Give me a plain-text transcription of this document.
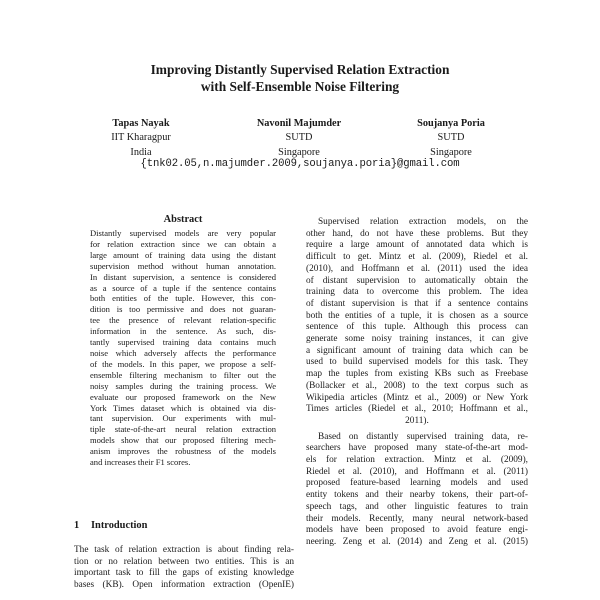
Improving Distantly Supervised Relation Extraction
with Self-Ensemble Noise Filtering
Tapas Nayak
IIT Kharagpur
India
Navonil Majumder
SUTD
Singapore
Soujanya Poria
SUTD
Singapore
{tnk02.05,n.majumder.2009,soujanya.poria}@gmail.com
Abstract

Distantly supervised models are very popular

for relation extraction since we can obtain a

large amount of training data using the distant

supervision method without human annotation.

In distant supervision, a sentence is considered

as a source of a tuple if the sentence contains

both entities of the tuple. However, this con-

dition is too permissive and does not guaran-

tee the presence of relevant relation-specific

information in the sentence. As such, dis-

tantly supervised training data contains much

noise which adversely affects the performance

of the models. In this paper, we propose a self-

ensemble filtering mechanism to filter out the

noisy samples during the training process. We

evaluate our proposed framework on the New

York Times dataset which is obtained via dis-

tant supervision. Our experiments with mul-

tiple state-of-the-art neural relation extraction

models show that our proposed filtering mech-

anism improves the robustness of the models

and increases their F1 scores.

1 Introduction

The task of relation extraction is about finding rela-

tion or no relation between two entities. This is an

important task to fill the gaps of existing knowledge

bases (KB). Open information extraction (OpenIE)

Supervised relation extraction models, on the

other hand, do not have these problems. But they

require a large amount of annotated data which is

difficult to get. Mintz et al. (2009), Riedel et al.

(2010), and Hoffmann et al. (2011) used the idea

of distant supervision to automatically obtain the

training data to overcome this problem. The idea

of distant supervision is that if a sentence contains

both the entities of a tuple, it is chosen as a source

sentence of this tuple. Although this process can

generate some noisy training instances, it can give

a significant amount of training data which can be

used to build supervised models for this task. They

map the tuples from existing KBs such as Freebase

(Bollacker et al., 2008) to the text corpus such as

Wikipedia articles (Mintz et al., 2009) or New York

Times articles (Riedel et al., 2010; Hoffmann et al.,

2011).

Based on distantly supervised training data, re-

searchers have proposed many state-of-the-art mod-

els for relation extraction. Mintz et al. (2009),

Riedel et al. (2010), and Hoffmann et al. (2011)

proposed feature-based learning models and used

entity tokens and their nearby tokens, their part-of-

speech tags, and other linguistic features to train

their models. Recently, many neural network-based

models have been proposed to avoid feature engi-

neering. Zeng et al. (2014) and Zeng et al. (2015)
